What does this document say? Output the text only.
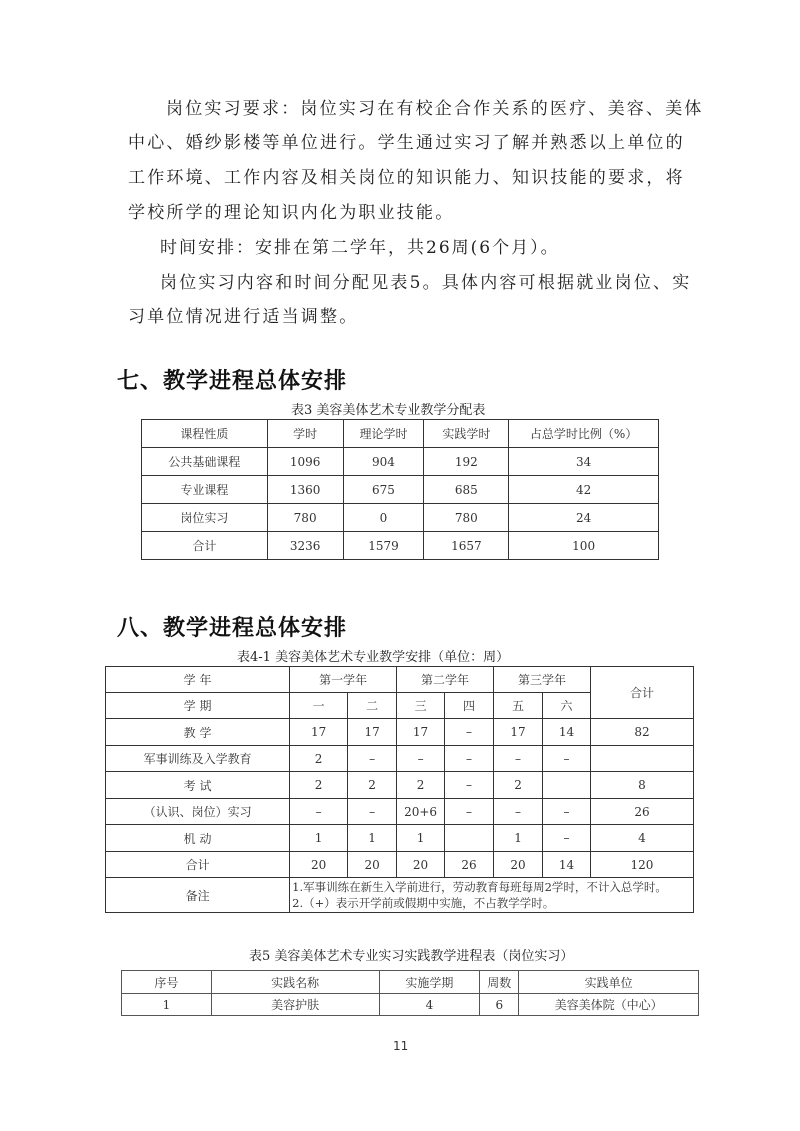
岗位实习要求：岗位实习在有校企合作关系的医疗、美容、美体
中心、婚纱影楼等单位进行。学生通过实习了解并熟悉以上单位的
工作环境、工作内容及相关岗位的知识能力、知识技能的要求，将
学校所学的理论知识内化为职业技能。
时间安排：安排在第二学年，共26周(6个月）。
岗位实习内容和时间分配见表5。具体内容可根据就业岗位、实
习单位情况进行适当调整。
七、教学进程总体安排
表3 美容美体艺术专业教学分配表
课程性质	学时	理论学时	实践学时	占总学时比例（%）
公共基础课程	1096	904	192	34
专业课程	1360	675	685	42
岗位实习	780	0	780	24
合计	3236	1579	1657	100
八、教学进程总体安排
表4-1 美容美体艺术专业教学安排（单位：周）
学 年	第一学年		第二学年		第三学年		合计
学 期	一	二	三	四	五	六	
教 学	17	17	17	–	17	14	82
军事训练及入学教育	2	–	–	–	–	–	
考 试	2	2	2	–	2		8
（认识、岗位）实习	–	–	20+6	–	–	–	26
机 动	1	1	1		1	–	4
合计	20	20	20	26	20	14	120
备注	1.军事训练在新生入学前进行，劳动教育每班每周2学时，不计入总学时。
2.（+）表示开学前或假期中实施，不占教学学时。						
表5 美容美体艺术专业实习实践教学进程表（岗位实习）
序号	实践名称	实施学期	周数	实践单位
1	美容护肤	4	6	美容美体院（中心）
11
